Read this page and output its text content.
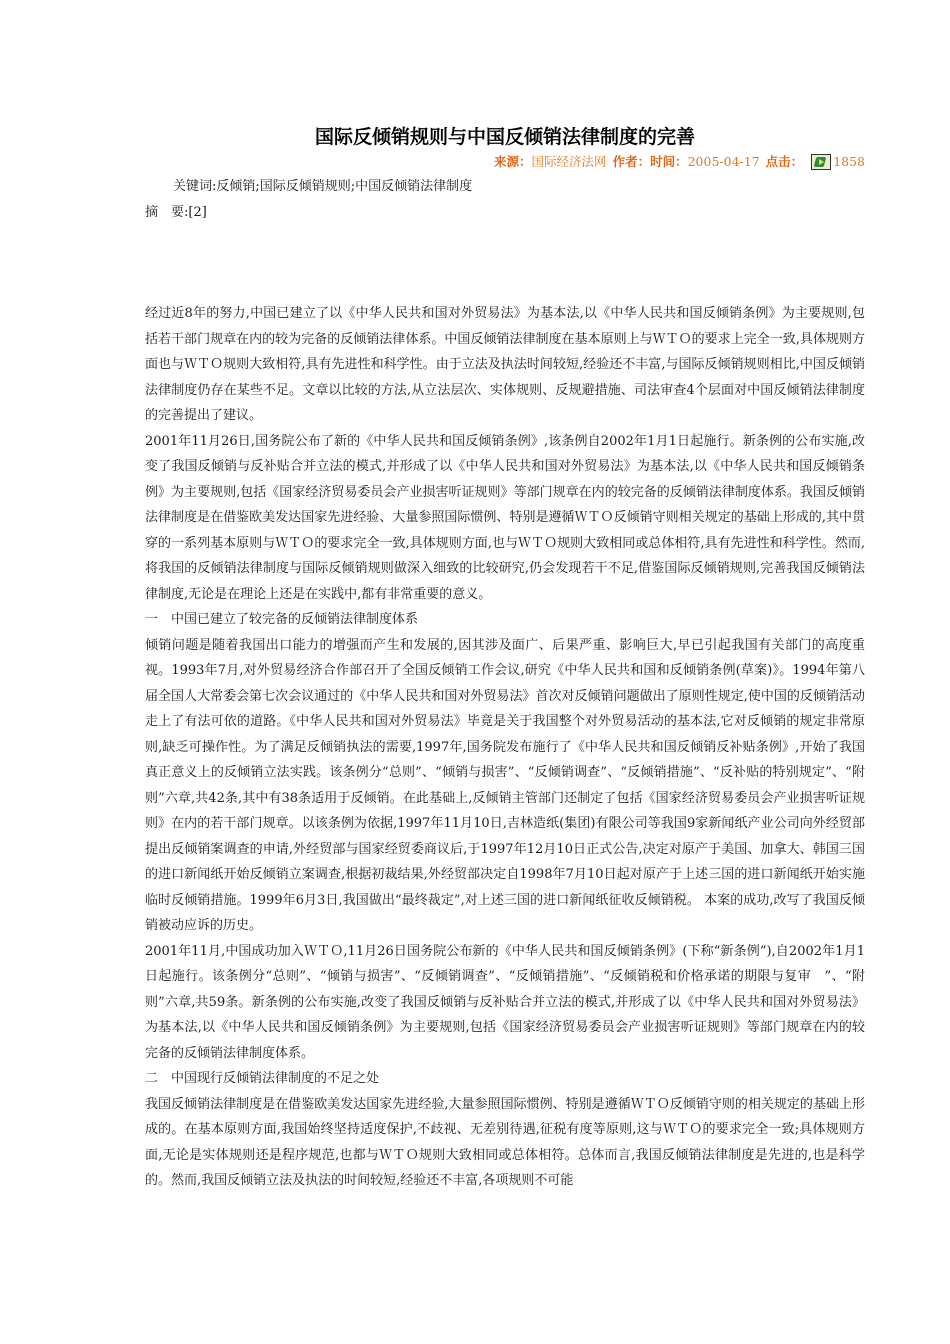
国际反倾销规则与中国反倾销法律制度的完善
来源： 国际经济法网 作者： 时间： 2005-04-17 点击： 1858
关键词:反倾销;国际反倾销规则;中国反倾销法律制度
摘　要:[2]

经过近8年的努力,中国已建立了以《中华人民共和国对外贸易法》为基本法,以《中华人民共和国反倾销条例》为主要规则,包括若干部门规章在内的较为完备的反倾销法律体系。中国反倾销法律制度在基本原则上与ＷＴＯ的要求上完全一致,具体规则方面也与ＷＴＯ规则大致相符,具有先进性和科学性。由于立法及执法时间较短,经验还不丰富,与国际反倾销规则相比,中国反倾销法律制度仍存在某些不足。文章以比较的方法,从立法层次、实体规则、反规避措施、司法审查4个层面对中国反倾销法律制度的完善提出了建议。

2001年11月26日,国务院公布了新的《中华人民共和国反倾销条例》,该条例自2002年1月1日起施行。新条例的公布实施,改变了我国反倾销与反补贴合并立法的模式,并形成了以《中华人民共和国对外贸易法》为基本法,以《中华人民共和国反倾销条例》为主要规则,包括《国家经济贸易委员会产业损害听证规则》等部门规章在内的较完备的反倾销法律制度体系。我国反倾销法律制度是在借鉴欧美发达国家先进经验、大量参照国际惯例、特别是遵循ＷＴＯ反倾销守则相关规定的基础上形成的,其中贯穿的一系列基本原则与ＷＴＯ的要求完全一致,具体规则方面,也与ＷＴＯ规则大致相同或总体相符,具有先进性和科学性。然而,将我国的反倾销法律制度与国际反倾销规则做深入细致的比较研究,仍会发现若干不足,借鉴国际反倾销规则,完善我国反倾销法律制度,无论是在理论上还是在实践中,都有非常重要的意义。

一　中国已建立了较完备的反倾销法律制度体系

倾销问题是随着我国出口能力的增强而产生和发展的,因其涉及面广、后果严重、影响巨大,早已引起我国有关部门的高度重视。1993年7月,对外贸易经济合作部召开了全国反倾销工作会议,研究《中华人民共和国和反倾销条例(草案)》。1994年第八届全国人大常委会第七次会议通过的《中华人民共和国对外贸易法》首次对反倾销问题做出了原则性规定,使中国的反倾销活动走上了有法可依的道路。《中华人民共和国对外贸易法》毕竟是关于我国整个对外贸易活动的基本法,它对反倾销的规定非常原则,缺乏可操作性。为了满足反倾销执法的需要,1997年,国务院发布施行了《中华人民共和国反倾销反补贴条例》,开始了我国真正意义上的反倾销立法实践。该条例分“总则”、“倾销与损害”、“反倾销调查”、“反倾销措施”、“反补贴的特别规定”、“附则”六章,共42条,其中有38条适用于反倾销。在此基础上,反倾销主管部门还制定了包括《国家经济贸易委员会产业损害听证规则》在内的若干部门规章。以该条例为依据,1997年11月10日,吉林造纸(集团)有限公司等我国9家新闻纸产业公司向外经贸部提出反倾销案调查的申请,外经贸部与国家经贸委商议后,于1997年12月10日正式公告,决定对原产于美国、加拿大、韩国三国的进口新闻纸开始反倾销立案调查,根据初裁结果,外经贸部决定自1998年7月10日起对原产于上述三国的进口新闻纸开始实施临时反倾销措施。1999年6月3日,我国做出“最终裁定”,对上述三国的进口新闻纸征收反倾销税。 本案的成功,改写了我国反倾销被动应诉的历史。

2001年11月,中国成功加入ＷＴＯ,11月26日国务院公布新的《中华人民共和国反倾销条例》(下称“新条例”),自2002年1月1日起施行。该条例分“总则”、“倾销与损害”、“反倾销调查”、“反倾销措施”、“反倾销税和价格承诺的期限与复审　”、“附则”六章,共59条。新条例的公布实施,改变了我国反倾销与反补贴合并立法的模式,并形成了以《中华人民共和国对外贸易法》为基本法,以《中华人民共和国反倾销条例》为主要规则,包括《国家经济贸易委员会产业损害听证规则》等部门规章在内的较完备的反倾销法律制度体系。

二　中国现行反倾销法律制度的不足之处

我国反倾销法律制度是在借鉴欧美发达国家先进经验,大量参照国际惯例、特别是遵循ＷＴＯ反倾销守则的相关规定的基础上形成的。在基本原则方面,我国始终坚持适度保护,不歧视、无差别待遇,征税有度等原则,这与ＷＴＯ的要求完全一致;具体规则方面,无论是实体规则还是程序规范,也都与ＷＴＯ规则大致相同或总体相符。总体而言,我国反倾销法律制度是先进的,也是科学的。然而,我国反倾销立法及执法的时间较短,经验还不丰富,各项规则不可能
